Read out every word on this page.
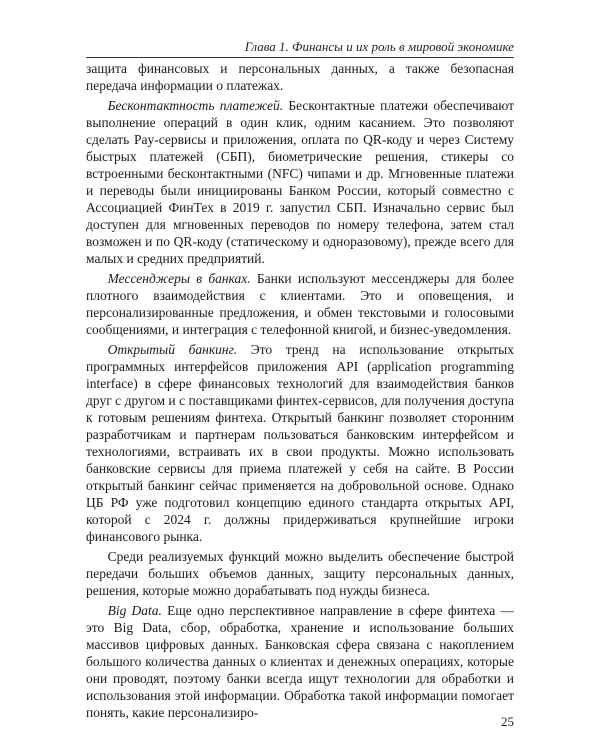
Глава 1. Финансы и их роль в мировой экономике

защита финансовых и персональных данных, а также безопасная передача информации о платежах.

Бесконтактность платежей. Бесконтактные платежи обеспечивают выполнение операций в один клик, одним касанием. Это позволяют сделать Pay-сервисы и приложения, оплата по QR-коду и через Систему быстрых платежей (СБП), биометрические решения, стикеры со встроенными бесконтактными (NFC) чипами и др. Мгновенные платежи и переводы были инициированы Банком России, который совместно с Ассоциацией ФинТех в 2019 г. запустил СБП. Изначально сервис был доступен для мгновенных переводов по номеру телефона, затем стал возможен и по QR-коду (статическому и одноразовому), прежде всего для малых и средних предприятий.

Мессенджеры в банках. Банки используют мессенджеры для более плотного взаимодействия с клиентами. Это и оповещения, и персонализированные предложения, и обмен текстовыми и голосовыми сообщениями, и интеграция с телефонной книгой, и бизнес-уведомления.

Открытый банкинг. Это тренд на использование открытых программных интерфейсов приложения API (application programming interface) в сфере финансовых технологий для взаимодействия банков друг с другом и с поставщиками финтех-сервисов, для получения доступа к готовым решениям финтеха. Открытый банкинг позволяет сторонним разработчикам и партнерам пользоваться банковским интерфейсом и технологиями, встраивать их в свои продукты. Можно использовать банковские сервисы для приема платежей у себя на сайте. В России открытый банкинг сейчас применяется на добровольной основе. Однако ЦБ РФ уже подготовил концепцию единого стандарта открытых API, которой с 2024 г. должны придерживаться крупнейшие игроки финансового рынка.

Среди реализуемых функций можно выделить обеспечение быстрой передачи больших объемов данных, защиту персональных данных, решения, которые можно дорабатывать под нужды бизнеса.

Big Data. Еще одно перспективное направление в сфере финтеха — это Big Data, сбор, обработка, хранение и использование больших массивов цифровых данных. Банковская сфера связана с накоплением большого количества данных о клиентах и денежных операциях, которые они проводят, поэтому банки всегда ищут технологии для обработки и использования этой информации. Обработка такой информации помогает понять, какие персонализиро-

25
